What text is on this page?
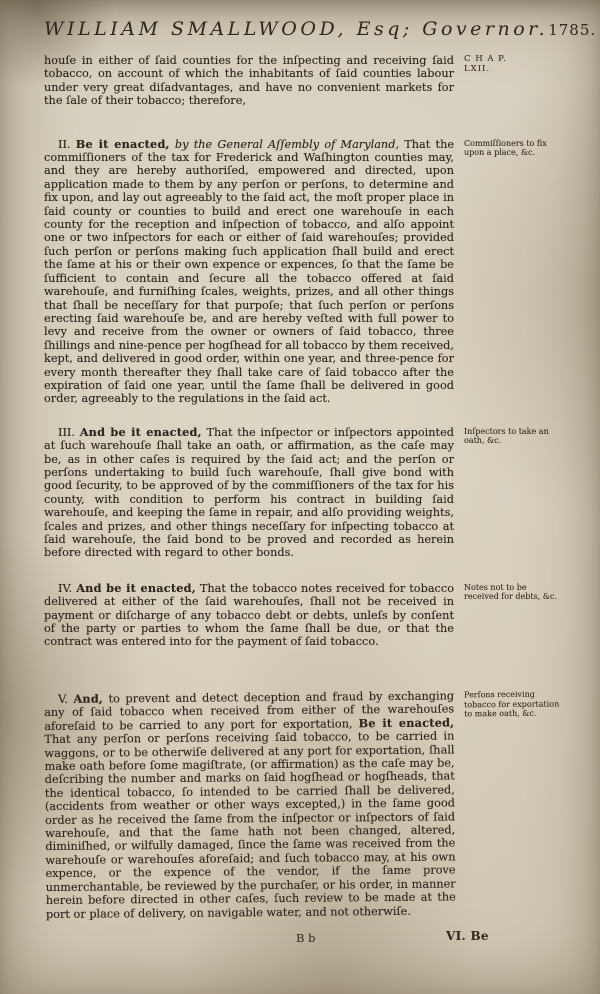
WILLIAM SMALLWOOD, Esq; Governor. 1785.

houſe in either of ſaid counties for the inſpecting and receiving ſaid tobacco, on account of which the inhabitants of ſaid counties labour under very great diſadvantages, and have no convenient markets for the ſale of their tobacco; therefore,

C H A P.
LXII.

II. Be it enacted, by the General Aſſembly of Maryland, That the commiſſioners of the tax for Frederick and Waſhington counties may, and they are hereby authoriſed, empowered and directed, upon application made to them by any perſon or perſons, to determine and fix upon, and lay out agreeably to the ſaid act, the moſt proper place in ſaid county or counties to build and erect one warehouſe in each county for the reception and inſpection of tobacco, and alſo appoint one or two inſpectors for each or either of ſaid warehouſes; provided ſuch perſon or perſons making ſuch application ſhall build and erect the ſame at his or their own expence or expences, ſo that the ſame be ſufficient to contain and ſecure all the tobacco offered at ſaid warehouſe, and furniſhing ſcales, weights, prizes, and all other things that ſhall be neceſſary for that purpoſe; that ſuch perſon or perſons erecting ſaid warehouſe be, and are hereby veſted with full power to levy and receive from the owner or owners of ſaid tobacco, three ſhillings and nine-pence per hogſhead for all tobacco by them received, kept, and delivered in good order, within one year, and three-pence for every month thereafter they ſhall take care of ſaid tobacco after the expiration of ſaid one year, until the ſame ſhall be delivered in good order, agreeably to the regulations in the ſaid act.

Commiſſioners to fix upon a place, &c.

III. And be it enacted, That the inſpector or inſpectors appointed at ſuch warehouſe ſhall take an oath, or affirmation, as the caſe may be, as in other caſes is required by the ſaid act; and the perſon or perſons undertaking to build ſuch warehouſe, ſhall give bond with good ſecurity, to be approved of by the commiſſioners of the tax for his county, with condition to perform his contract in building ſaid warehouſe, and keeping the ſame in repair, and alſo providing weights, ſcales and prizes, and other things neceſſary for inſpecting tobacco at ſaid warehouſe, the ſaid bond to be proved and recorded as herein before directed with regard to other bonds.

Inſpectors to take an oath, &c.

IV. And be it enacted, That the tobacco notes received for tobacco delivered at either of the ſaid warehouſes, ſhall not be received in payment or diſcharge of any tobacco debt or debts, unleſs by conſent of the party or parties to whom the ſame ſhall be due, or that the contract was entered into for the payment of ſaid tobacco.

Notes not to be received for debts, &c.

V. And, to prevent and detect deception and fraud by exchanging any of ſaid tobacco when received from either of the warehouſes aforeſaid to be carried to any port for exportation, Be it enacted, That any perſon or perſons receiving ſaid tobacco, to be carried in waggons, or to be otherwiſe delivered at any port for exportation, ſhall make oath before ſome magiſtrate, (or affirmation) as the caſe may be, deſcribing the number and marks on ſaid hogſhead or hogſheads, that the identical tobacco, ſo intended to be carried ſhall be delivered, (accidents from weather or other ways excepted,) in the ſame good order as he received the ſame from the inſpector or inſpectors of ſaid warehouſe, and that the ſame hath not been changed, altered, diminiſhed, or wilfully damaged, ſince the ſame was received from the warehouſe or warehouſes aforeſaid; and ſuch tobacco may, at his own expence, or the expence of the vendor, if the ſame prove unmerchantable, be reviewed by the purchaſer, or his order, in manner herein before directed in other caſes, ſuch review to be made at the port or place of delivery, on navigable water, and not otherwiſe.

Perſons receiving tobacco for exportation to make oath, &c.
B b	VI. Be
